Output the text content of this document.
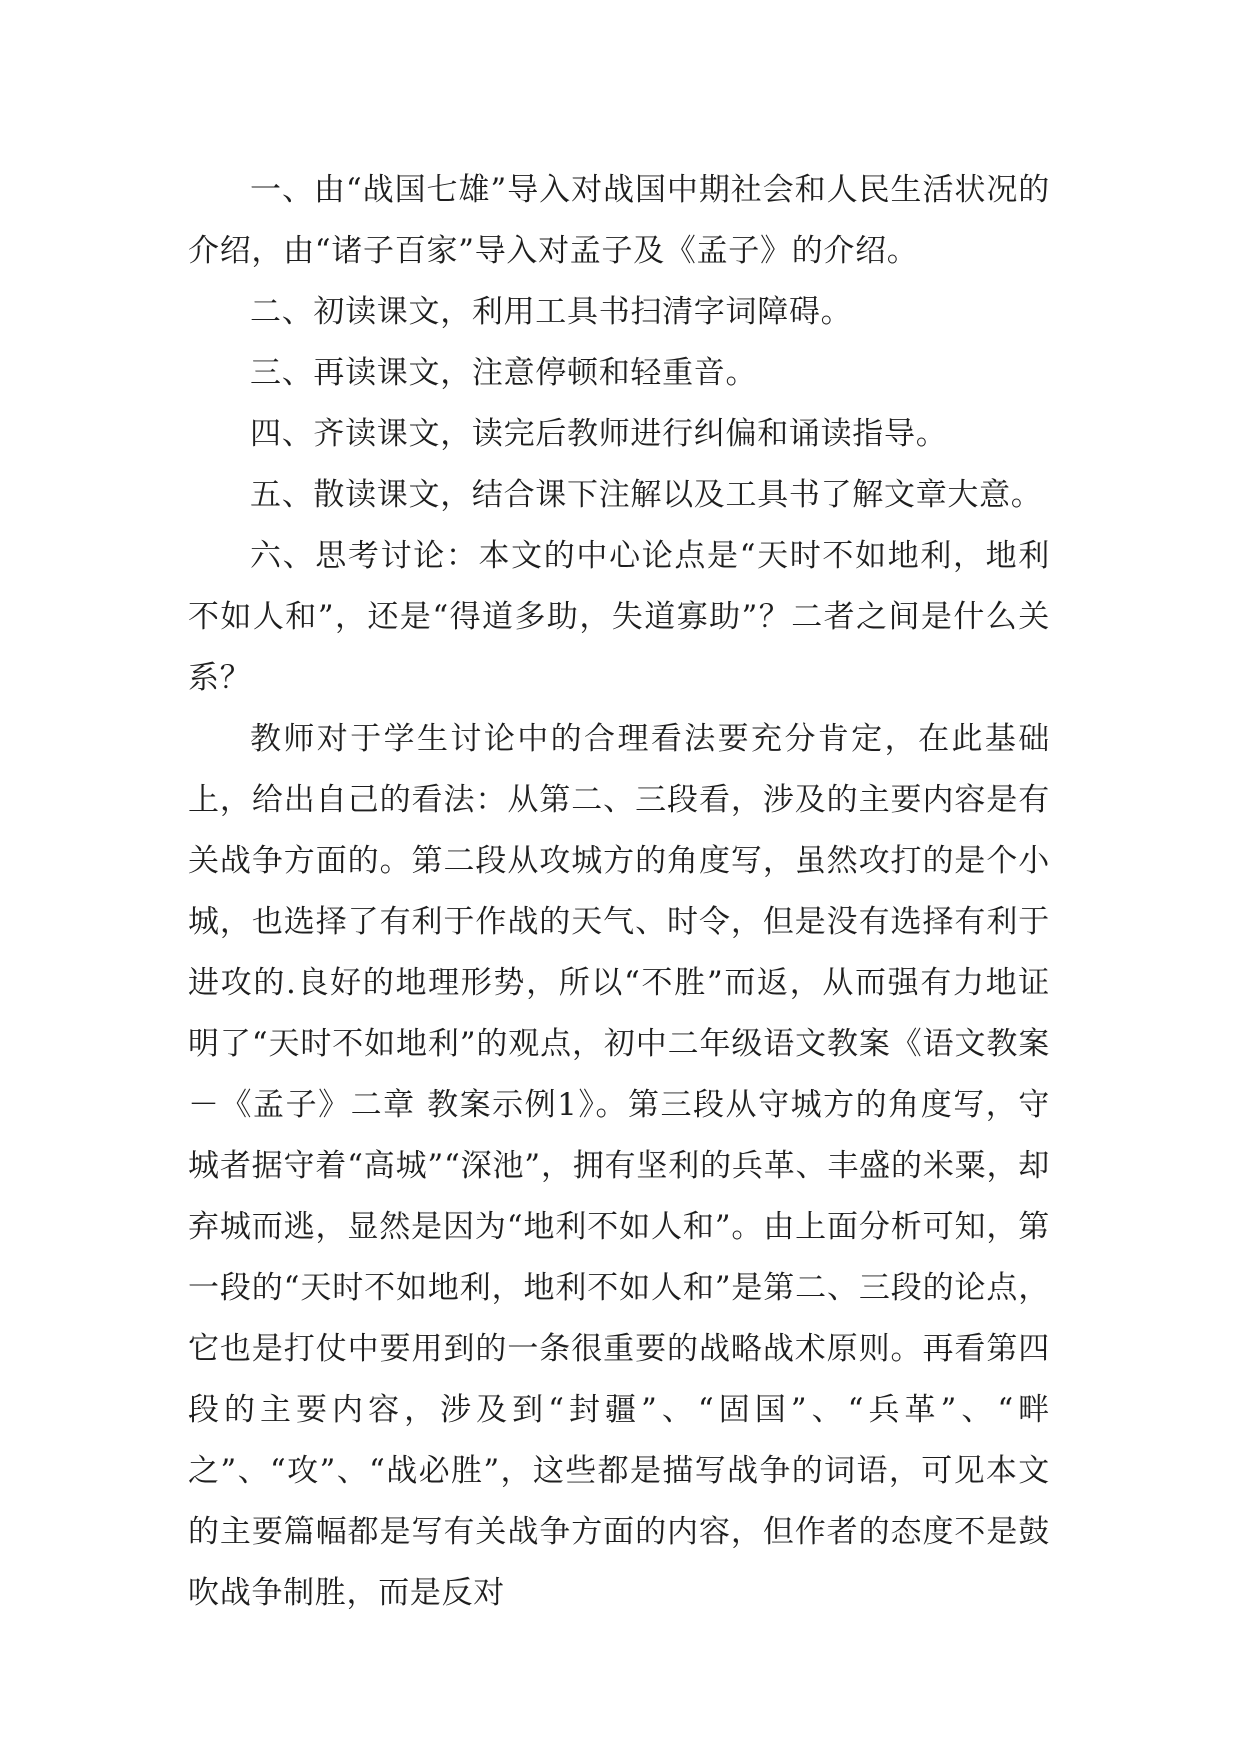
一、由“战国七雄”导入对战国中期社会和人民生活状况的介绍，由“诸子百家”导入对孟子及《孟子》的介绍。

二、初读课文，利用工具书扫清字词障碍。

三、再读课文，注意停顿和轻重音。

四、齐读课文，读完后教师进行纠偏和诵读指导。

五、散读课文，结合课下注解以及工具书了解文章大意。

六、思考讨论：本文的中心论点是“天时不如地利，地利不如人和”，还是“得道多助，失道寡助”？二者之间是什么关系？

教师对于学生讨论中的合理看法要充分肯定，在此基础上，给出自己的看法：从第二、三段看，涉及的主要内容是有关战争方面的。第二段从攻城方的角度写，虽然攻打的是个小城，也选择了有利于作战的天气、时令，但是没有选择有利于进攻的.良好的地理形势，所以“不胜”而返，从而强有力地证明了“天时不如地利”的观点，初中二年级语文教案《语文教案－《孟子》二章 教案示例1》。第三段从守城方的角度写，守城者据守着“高城”“深池”，拥有坚利的兵革、丰盛的米粟，却弃城而逃，显然是因为“地利不如人和”。由上面分析可知，第一段的“天时不如地利，地利不如人和”是第二、三段的论点，它也是打仗中要用到的一条很重要的战略战术原则。再看第四段的主要内容，涉及到“封疆”、“固国”、“兵革”、“畔之”、“攻”、“战必胜”，这些都是描写战争的词语，可见本文的主要篇幅都是写有关战争方面的内容，但作者的态度不是鼓吹战争制胜，而是反对
